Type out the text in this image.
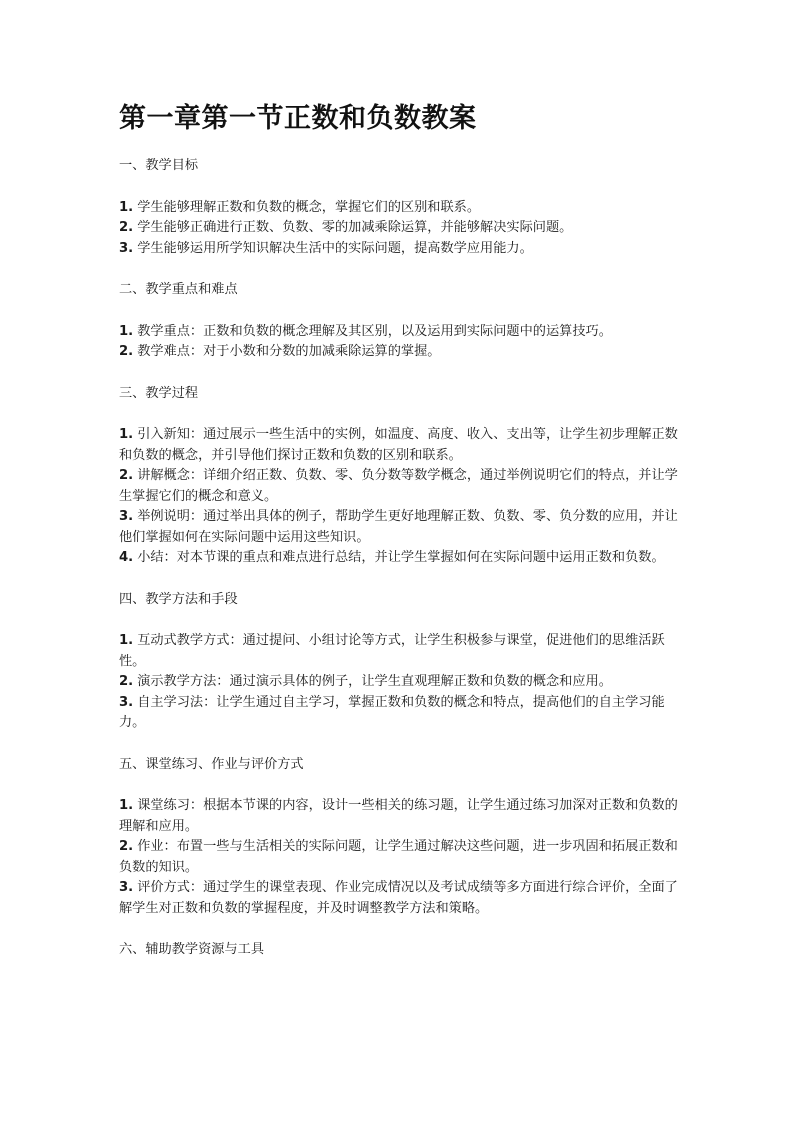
第一章第一节正数和负数教案
一、教学目标
1. 学生能够理解正数和负数的概念，掌握它们的区别和联系。
2. 学生能够正确进行正数、负数、零的加减乘除运算，并能够解决实际问题。
3. 学生能够运用所学知识解决生活中的实际问题，提高数学应用能力。
二、教学重点和难点
1. 教学重点：正数和负数的概念理解及其区别，以及运用到实际问题中的运算技巧。
2. 教学难点：对于小数和分数的加减乘除运算的掌握。
三、教学过程
1. 引入新知：通过展示一些生活中的实例，如温度、高度、收入、支出等，让学生初步理解正数和负数的概念，并引导他们探讨正数和负数的区别和联系。
2. 讲解概念：详细介绍正数、负数、零、负分数等数学概念，通过举例说明它们的特点，并让学生掌握它们的概念和意义。
3. 举例说明：通过举出具体的例子，帮助学生更好地理解正数、负数、零、负分数的应用，并让他们掌握如何在实际问题中运用这些知识。
4. 小结：对本节课的重点和难点进行总结，并让学生掌握如何在实际问题中运用正数和负数。
四、教学方法和手段
1. 互动式教学方式：通过提问、小组讨论等方式，让学生积极参与课堂，促进他们的思维活跃性。
2. 演示教学方法：通过演示具体的例子，让学生直观理解正数和负数的概念和应用。
3. 自主学习法：让学生通过自主学习，掌握正数和负数的概念和特点，提高他们的自主学习能力。
五、课堂练习、作业与评价方式
1. 课堂练习：根据本节课的内容，设计一些相关的练习题，让学生通过练习加深对正数和负数的理解和应用。
2. 作业：布置一些与生活相关的实际问题，让学生通过解决这些问题，进一步巩固和拓展正数和负数的知识。
3. 评价方式：通过学生的课堂表现、作业完成情况以及考试成绩等多方面进行综合评价，全面了解学生对正数和负数的掌握程度，并及时调整教学方法和策略。
六、辅助教学资源与工具
